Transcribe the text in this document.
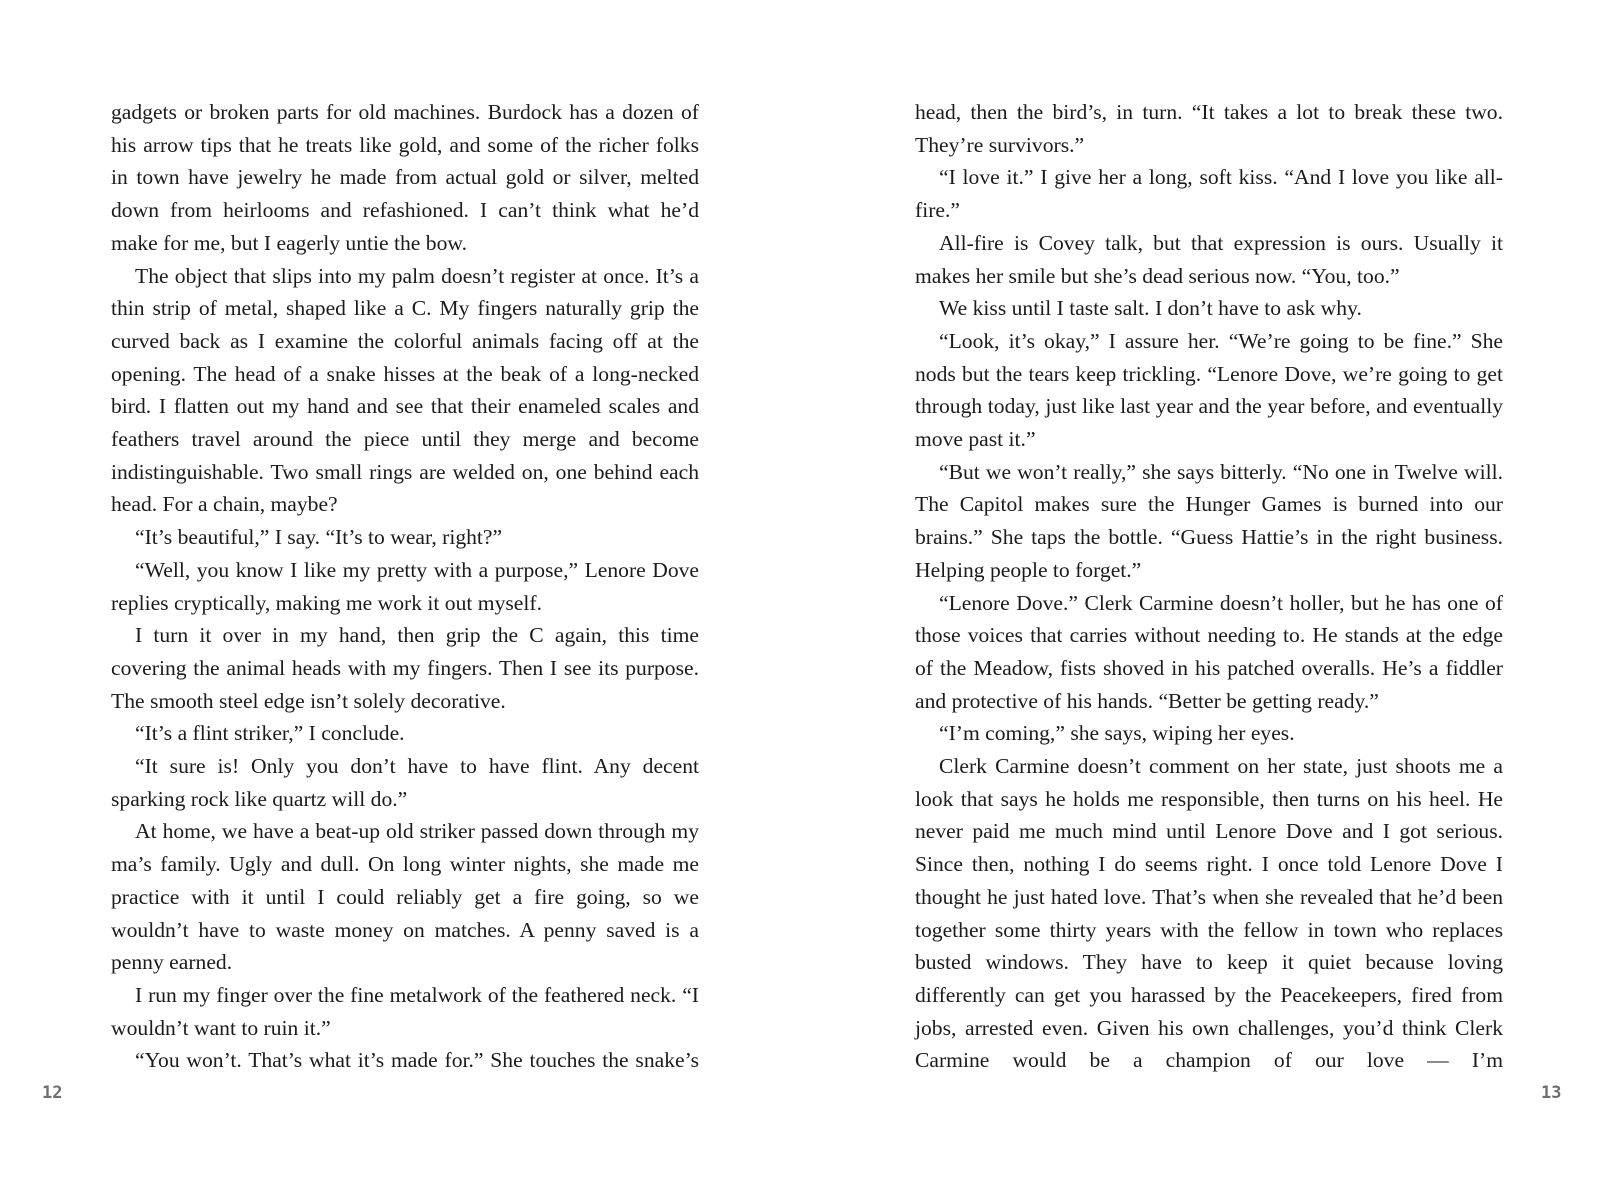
gadgets or broken parts for old machines. Burdock has a dozen of his arrow tips that he treats like gold, and some of the richer folks in town have jewelry he made from actual gold or silver, melted down from heirlooms and refashioned. I can’t think what he’d make for me, but I eagerly untie the bow.

The object that slips into my palm doesn’t register at once. It’s a thin strip of metal, shaped like a C. My fingers naturally grip the curved back as I examine the colorful animals facing off at the opening. The head of a snake hisses at the beak of a long-necked bird. I flatten out my hand and see that their enameled scales and feathers travel around the piece until they merge and become indistinguishable. Two small rings are welded on, one behind each head. For a chain, maybe?

“It’s beautiful,” I say. “It’s to wear, right?”

“Well, you know I like my pretty with a purpose,” Lenore Dove replies cryptically, making me work it out myself.

I turn it over in my hand, then grip the C again, this time covering the animal heads with my fingers. Then I see its purpose. The smooth steel edge isn’t solely decorative.

“It’s a flint striker,” I conclude.

“It sure is! Only you don’t have to have flint. Any decent sparking rock like quartz will do.”

At home, we have a beat-up old striker passed down through my ma’s family. Ugly and dull. On long winter nights, she made me practice with it until I could reliably get a fire going, so we wouldn’t have to waste money on matches. A penny saved is a penny earned.

I run my finger over the fine metalwork of the feathered neck. “I wouldn’t want to ruin it.”

“You won’t. That’s what it’s made for.” She touches the snake’s

head, then the bird’s, in turn. “It takes a lot to break these two. They’re survivors.”

“I love it.” I give her a long, soft kiss. “And I love you like all-fire.”

All-fire is Covey talk, but that expression is ours. Usually it makes her smile but she’s dead serious now. “You, too.”

We kiss until I taste salt. I don’t have to ask why.

“Look, it’s okay,” I assure her. “We’re going to be fine.” She nods but the tears keep trickling. “Lenore Dove, we’re going to get through today, just like last year and the year before, and eventually move past it.”

“But we won’t really,” she says bitterly. “No one in Twelve will. The Capitol makes sure the Hunger Games is burned into our brains.” She taps the bottle. “Guess Hattie’s in the right business. Helping people to forget.”

“Lenore Dove.” Clerk Carmine doesn’t holler, but he has one of those voices that carries without needing to. He stands at the edge of the Meadow, fists shoved in his patched overalls. He’s a fiddler and protective of his hands. “Better be getting ready.”

“I’m coming,” she says, wiping her eyes.

Clerk Carmine doesn’t comment on her state, just shoots me a look that says he holds me responsible, then turns on his heel. He never paid me much mind until Lenore Dove and I got serious. Since then, nothing I do seems right. I once told Lenore Dove I thought he just hated love. That’s when she revealed that he’d been together some thirty years with the fellow in town who replaces busted windows. They have to keep it quiet because loving differently can get you harassed by the Peacekeepers, fired from jobs, arrested even. Given his own challenges, you’d think Clerk Carmine would be a champion of our love — I’m

12	13
